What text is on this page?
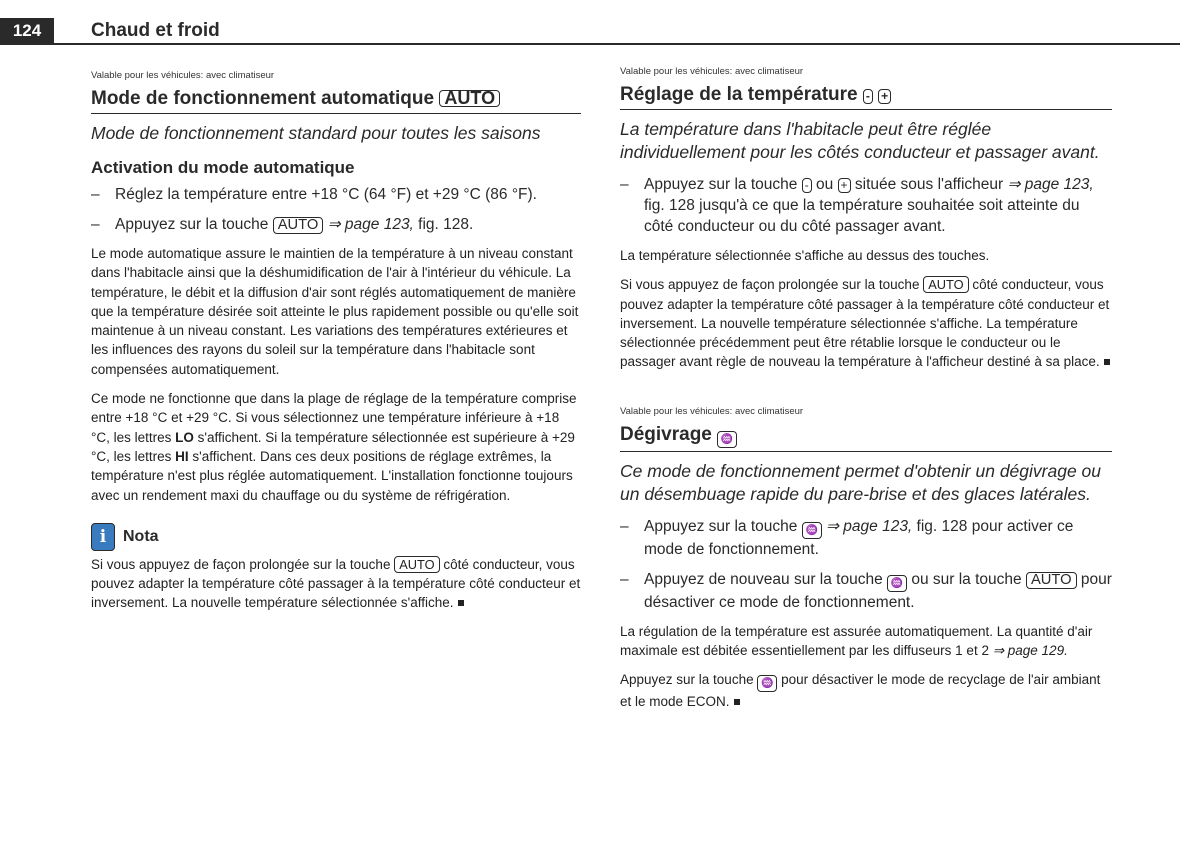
124	Chaud et froid
Valable pour les véhicules: avec climatiseur
Mode de fonctionnement automatique AUTO
Mode de fonctionnement standard pour toutes les saisons
Activation du mode automatique
– Réglez la température entre +18 °C (64 °F) et +29 °C (86 °F).
– Appuyez sur la touche AUTO ⇒ page 123, fig. 128.

Le mode automatique assure le maintien de la température à un niveau constant dans l'habitacle ainsi que la déshumidification de l'air à l'intérieur du véhicule. La température, le débit et la diffusion d'air sont réglés automatiquement de manière que la température désirée soit atteinte le plus rapidement possible ou qu'elle soit maintenue à un niveau constant. Les variations des températures extérieures et les influences des rayons du soleil sur la température dans l'habitacle sont compensées automatiquement.

Ce mode ne fonctionne que dans la plage de réglage de la température comprise entre +18 °C et +29 °C. Si vous sélectionnez une température inférieure à +18 °C, les lettres LO s'affichent. Si la température sélectionnée est supérieure à +29 °C, les lettres HI s'affichent. Dans ces deux positions de réglage extrêmes, la température n'est plus réglée automatiquement. L'installation fonctionne toujours avec un rendement maxi du chauffage ou du système de réfrigération.

i	Nota

Si vous appuyez de façon prolongée sur la touche AUTO côté conducteur, vous pouvez adapter la température côté passager à la température côté conducteur et inversement. La nouvelle température sélectionnée s'affiche.

Valable pour les véhicules: avec climatiseur
Réglage de la température - +
La température dans l'habitacle peut être réglée individuellement pour les côtés conducteur et passager avant.
– Appuyez sur la touche - ou + située sous l'afficheur ⇒ page 123, fig. 128 jusqu'à ce que la température souhaitée soit atteinte du côté conducteur ou du côté passager avant.

La température sélectionnée s'affiche au dessus des touches.

Si vous appuyez de façon prolongée sur la touche AUTO côté conducteur, vous pouvez adapter la température côté passager à la température côté conducteur et inversement. La nouvelle température sélectionnée s'affiche. La température sélectionnée précédemment peut être rétablie lorsque le conducteur ou le passager avant règle de nouveau la température à l'afficheur destiné à sa place.

Valable pour les véhicules: avec climatiseur
Dégivrage ♒
Ce mode de fonctionnement permet d'obtenir un dégivrage ou un désembuage rapide du pare-brise et des glaces latérales.
– Appuyez sur la touche ♒ ⇒ page 123, fig. 128 pour activer ce mode de fonctionnement.
– Appuyez de nouveau sur la touche ♒ ou sur la touche AUTO pour désactiver ce mode de fonctionnement.

La régulation de la température est assurée automatiquement. La quantité d'air maximale est débitée essentiellement par les diffuseurs 1 et 2 ⇒ page 129.

Appuyez sur la touche ♒ pour désactiver le mode de recyclage de l'air ambiant et le mode ECON.
